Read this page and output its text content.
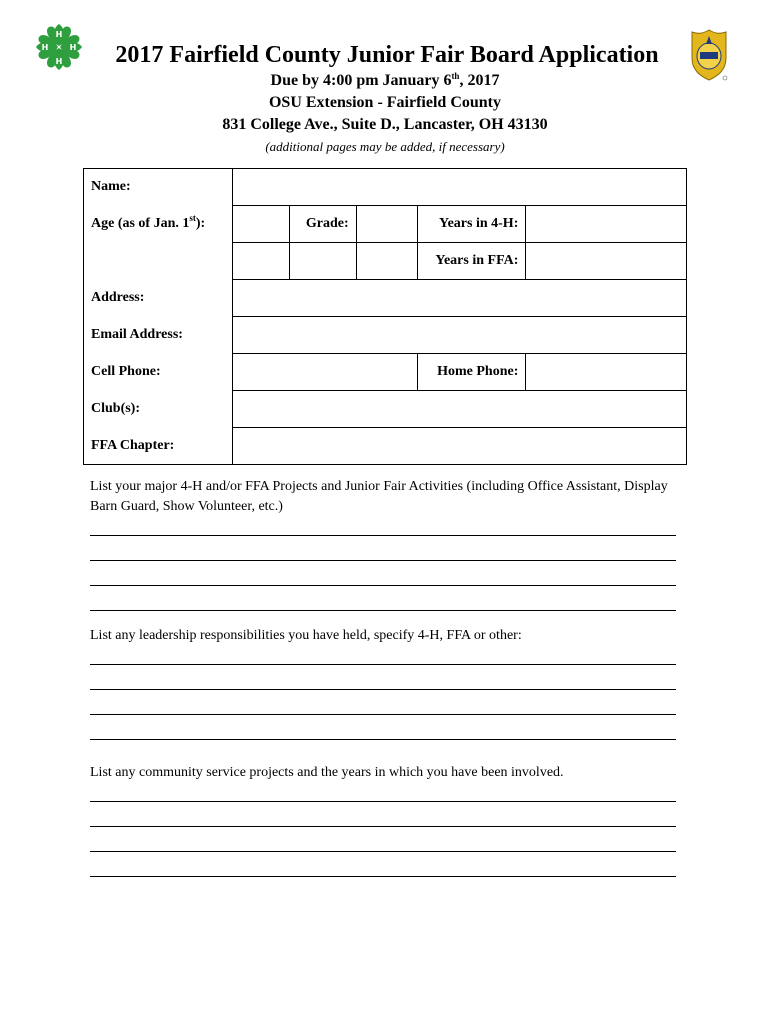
H
H
H	H	2017 Fairfield County Junior Fair Board Application
Due by 4:00 pm January 6th, 2017
OSU Extension - Fairfield County
831 College Ave., Suite D., Lancaster, OH 43130
(additional pages may be added, if necessary)
Name:					
Age (as of Jan. 1st):		Grade:		Years in 4-H:	
				Years in FFA:	
Address:					
Email Address:					
Cell Phone:				Home Phone:	
Club(s):					
FFA Chapter:					
List your major 4-H and/or FFA Projects and Junior Fair Activities (including Office Assistant, Display Barn Guard, Show Volunteer, etc.)
List any leadership responsibilities you have held, specify 4-H, FFA or other:
List any community service projects and the years in which you have been involved.
